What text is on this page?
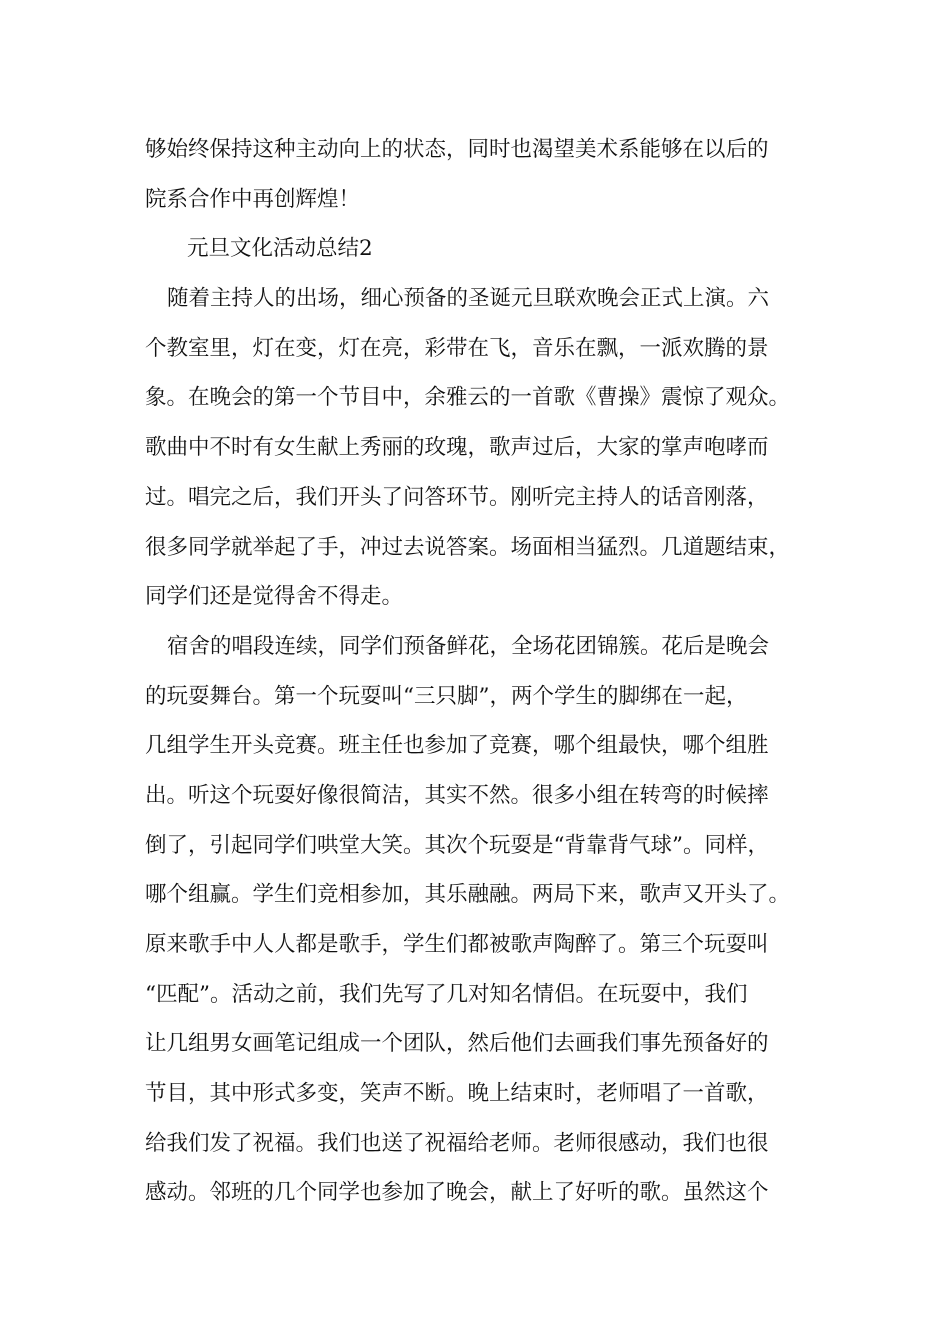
够始终保持这种主动向上的状态，同时也渴望美术系能够在以后的
院系合作中再创辉煌！
元旦文化活动总结2
随着主持人的出场，细心预备的圣诞元旦联欢晚会正式上演。六
个教室里，灯在变，灯在亮，彩带在飞，音乐在飘，一派欢腾的景
象。在晚会的第一个节目中，余雅云的一首歌《曹操》震惊了观众。
歌曲中不时有女生献上秀丽的玫瑰，歌声过后，大家的掌声咆哮而
过。唱完之后，我们开头了问答环节。刚听完主持人的话音刚落，
很多同学就举起了手，冲过去说答案。场面相当猛烈。几道题结束，
同学们还是觉得舍不得走。
宿舍的唱段连续，同学们预备鲜花，全场花团锦簇。花后是晚会
的玩耍舞台。第一个玩耍叫“三只脚”，两个学生的脚绑在一起，
几组学生开头竞赛。班主任也参加了竞赛，哪个组最快，哪个组胜
出。听这个玩耍好像很简洁，其实不然。很多小组在转弯的时候摔
倒了，引起同学们哄堂大笑。其次个玩耍是“背靠背气球”。同样，
哪个组赢。学生们竞相参加，其乐融融。两局下来，歌声又开头了。
原来歌手中人人都是歌手，学生们都被歌声陶醉了。第三个玩耍叫
“匹配”。活动之前，我们先写了几对知名情侣。在玩耍中，我们
让几组男女画笔记组成一个团队，然后他们去画我们事先预备好的
节目，其中形式多变，笑声不断。晚上结束时，老师唱了一首歌，
给我们发了祝福。我们也送了祝福给老师。老师很感动，我们也很
感动。邻班的几个同学也参加了晚会，献上了好听的歌。虽然这个
